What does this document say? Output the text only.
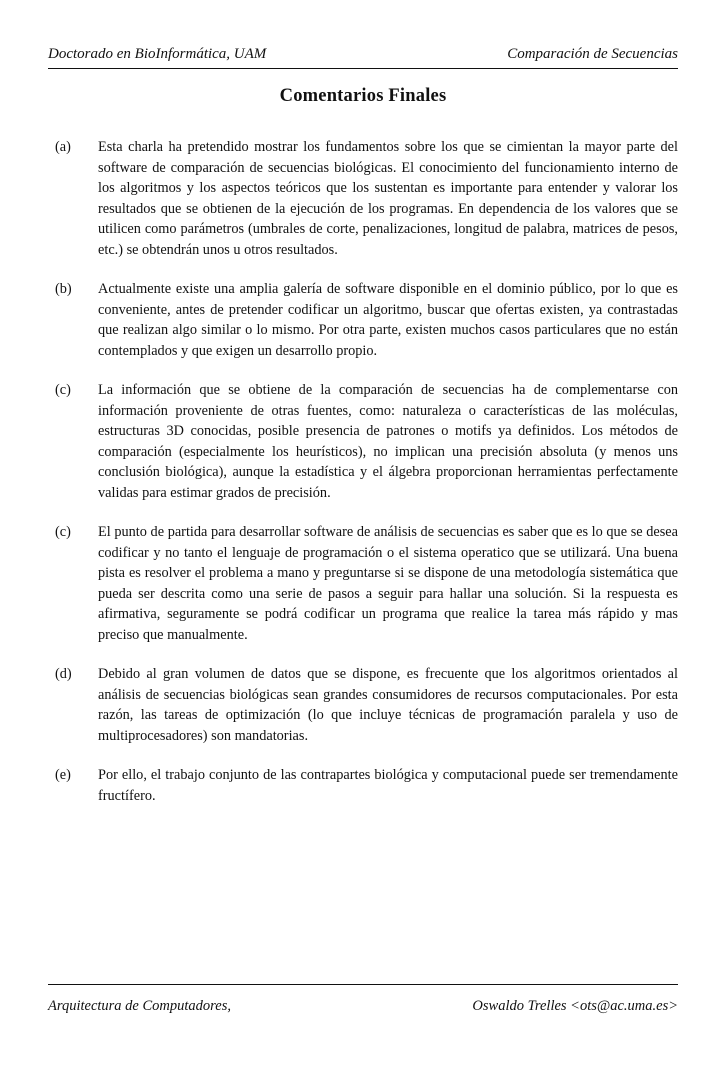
Doctorado en BioInformática, UAM	Comparación de Secuencias
Comentarios Finales
(a)	Esta charla ha pretendido mostrar los fundamentos sobre los que se cimientan la mayor parte del software de comparación de secuencias biológicas. El conocimiento del funcionamiento interno de los algoritmos y los aspectos teóricos que los sustentan es importante para entender y valorar los resultados que se obtienen de la ejecución de los programas. En dependencia de los valores que se utilicen como parámetros (umbrales de corte, penalizaciones, longitud de palabra, matrices de pesos, etc.) se obtendrán unos u otros resultados.
(b)	Actualmente existe una amplia galería de software disponible en el dominio público, por lo que es conveniente, antes de pretender codificar un algoritmo, buscar que ofertas existen, ya contrastadas que realizan algo similar o lo mismo. Por otra parte, existen muchos casos particulares que no están contemplados y que exigen un desarrollo propio.
(c)	La información que se obtiene de la comparación de secuencias ha de complementarse con información proveniente de otras fuentes, como: naturaleza o características de las moléculas, estructuras 3D conocidas, posible presencia de patrones o motifs ya definidos. Los métodos de comparación (especialmente los heurísticos), no implican una precisión absoluta (y menos uns conclusión biológica), aunque la estadística y el álgebra proporcionan herramientas perfectamente validas para estimar grados de precisión.
(c)	El punto de partida para desarrollar software de análisis de secuencias es saber que es lo que se desea codificar y no tanto el lenguaje de programación o el sistema operatico que se utilizará. Una buena pista es resolver el problema a mano y preguntarse si se dispone de una metodología sistemática que pueda ser descrita como una serie de pasos a seguir para hallar una solución. Si la respuesta es afirmativa, seguramente se podrá codificar un programa que realice la tarea más rápido y mas preciso que manualmente.
(d)	Debido al gran volumen de datos que se dispone, es frecuente que los algoritmos orientados al análisis de secuencias biológicas sean grandes consumidores de recursos computacionales. Por esta razón, las tareas de optimización (lo que incluye técnicas de programación paralela y uso de multiprocesadores) son mandatorias.
(e)	Por ello, el trabajo conjunto de las contrapartes biológica y computacional puede ser tremendamente fructífero.
Arquitectura de Computadores,	Oswaldo Trelles <ots@ac.uma.es>
